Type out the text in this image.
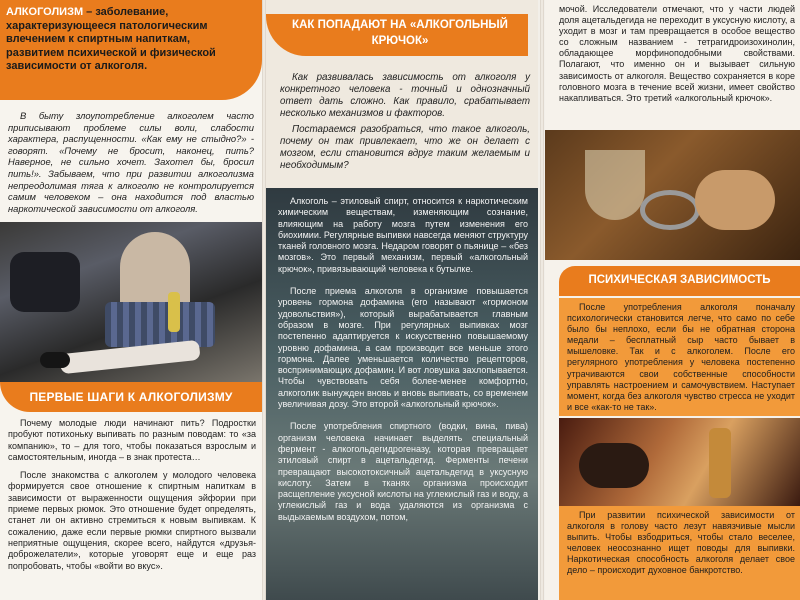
АЛКОГОЛИЗМ – заболевание, характеризующееся патологическим влечением к спиртным напиткам, развитием психической и физической зависимости от алкоголя.
В быту злоупотребление алкоголем часто приписывают проблеме силы воли, слабости характера, распущенности. «Как ему не стыдно?» - говорят. «Почему не бросит, наконец, пить? Наверное, не сильно хочет. Захотел бы, бросил пить!». Забываем, что при развитии алкоголизма непреодолимая тяга к алкоголю не контролируется самим человеком – она находится под властью наркотической зависимости от алкоголя.
ПЕРВЫЕ ШАГИ К АЛКОГОЛИЗМУ

Почему молодые люди начинают пить? Подростки пробуют потихоньку выпивать по разным поводам: то «за компанию», то – для того, чтобы показаться взрослым и самостоятельным, иногда – в знак протеста…

После знакомства с алкоголем у молодого человека формируется свое отношение к спиртным напиткам в зависимости от выраженности ощущения эйфории при приеме первых рюмок. Это отношение будет определять, станет ли он активно стремиться к новым выпивкам. К сожалению, даже если первые рюмки спиртного вызвали неприятные ощущения, скорее всего, найдутся «друзья-доброжелатели», которые уговорят еще и еще раз попробовать, чтобы «войти во вкус».

КАК ПОПАДАЮТ НА «АЛКОГОЛЬНЫЙ КРЮЧОК»

Как развивалась зависимость от алкоголя у конкретного человека - точный и однозначный ответ дать сложно. Как правило, срабатывает несколько механизмов и факторов.

Постараемся разобраться, что такое алкоголь, почему он так привлекает, что же он делает с мозгом, если становится вдруг таким желаемым и необходимым?

Алкоголь – этиловый спирт, относится к наркотическим химическим веществам, изменяющим сознание, влияющим на работу мозга путем изменения его биохимии. Регулярные выпивки навсегда меняют структуру тканей головного мозга. Недаром говорят о пьянице – «без мозгов». Это первый механизм, первый «алкогольный крючок», привязывающий человека к бутылке.

После приема алкоголя в организме повышается уровень гормона дофамина (его называют «гормоном удовольствия»), который вырабатывается главным образом в мозге. При регулярных выпивках мозг постепенно адаптируется к искусственно повышаемому уровню дофамина, а сам производит все меньше этого гормона. Далее уменьшается количество рецепторов, воспринимающих дофамин. И вот ловушка захлопывается. Чтобы чувствовать себя более-менее комфортно, алкоголик вынужден вновь и вновь выпивать, со временем увеличивая дозу. Это второй «алкогольный крючок».

После употребления спиртного (водки, вина, пива) организм человека начинает выделять специальный фермент - алкогольдегидрогеназу, которая превращает этиловый спирт в ацетальдегид. Ферменты печени превращают высокотоксичный ацетальдегид в уксусную кислоту. Затем в тканях организма происходит расщепление уксусной кислоты на углекислый газ и воду, а углекислый газ и вода удаляются из организма с выдыхаемым воздухом, потом,

мочой. Исследователи отмечают, что у части людей доля ацетальдегида не переходит в уксусную кислоту, а уходит в мозг и там превращается в особое вещество со сложным названием - тетрагидроизохинолин, обладающее морфиноподобными свойствами. Полагают, что именно он и вызывает сильную зависимость от алкоголя. Вещество сохраняется в коре головного мозга в течение всей жизни, имеет свойство накапливаться. Это третий «алкогольный крючок».
ПСИХИЧЕСКАЯ ЗАВИСИМОСТЬ
После употребления алкоголя поначалу психологически становится легче, что само по себе было бы неплохо, если бы не обратная сторона медали – бесплатный сыр часто бывает в мышеловке. Так и с алкоголем. После его регулярного употребления у человека постепенно утрачиваются свои собственные способности управлять настроением и самочувствием. Наступает момент, когда без алкоголя чувство стресса не уходит и все «как-то не так».
При развитии психической зависимости от алкоголя в голову часто лезут навязчивые мысли выпить. Чтобы взбодриться, чтобы стало веселее, человек неосознанно ищет поводы для выпивки. Наркотическая способность алкоголя делает свое дело – происходит духовное банкротство.
